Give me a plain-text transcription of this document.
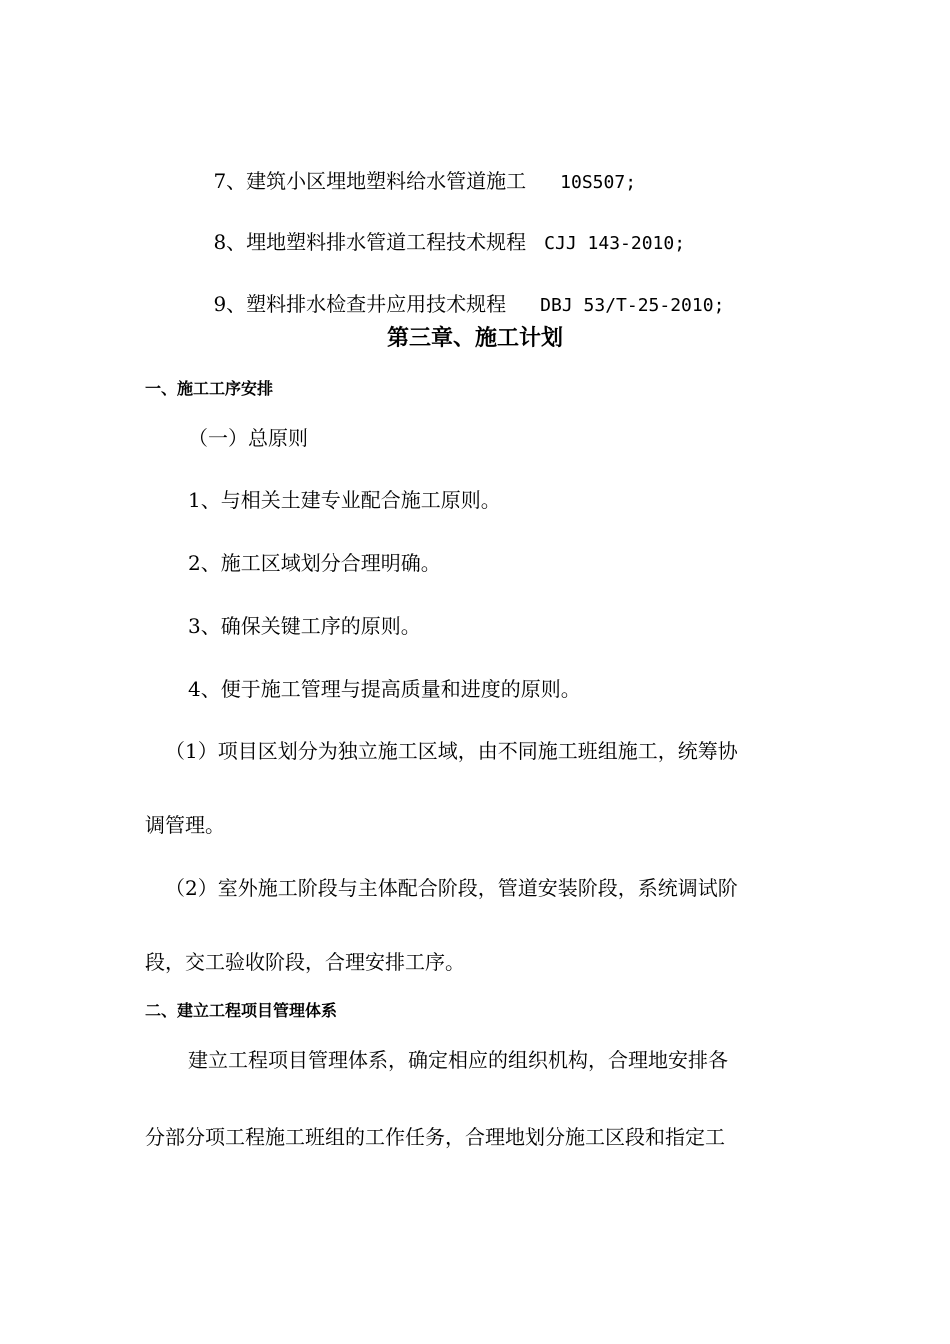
7、建筑小区埋地塑料给水管道施工 10S507;

8、埋地塑料排水管道工程技术规程 CJJ 143-2010;

9、塑料排水检查井应用技术规程 DBJ 53/T-25-2010;

第三章、施工计划
一、施工工序安排
（一）总原则
1、与相关土建专业配合施工原则。
2、施工区域划分合理明确。
3、确保关键工序的原则。
4、便于施工管理与提高质量和进度的原则。
（1）项目区划分为独立施工区域，由不同施工班组施工，统筹协
调管理。
（2）室外施工阶段与主体配合阶段，管道安装阶段，系统调试阶
段，交工验收阶段，合理安排工序。
二、建立工程项目管理体系
建立工程项目管理体系，确定相应的组织机构，合理地安排各
分部分项工程施工班组的工作任务，合理地划分施工区段和指定工
